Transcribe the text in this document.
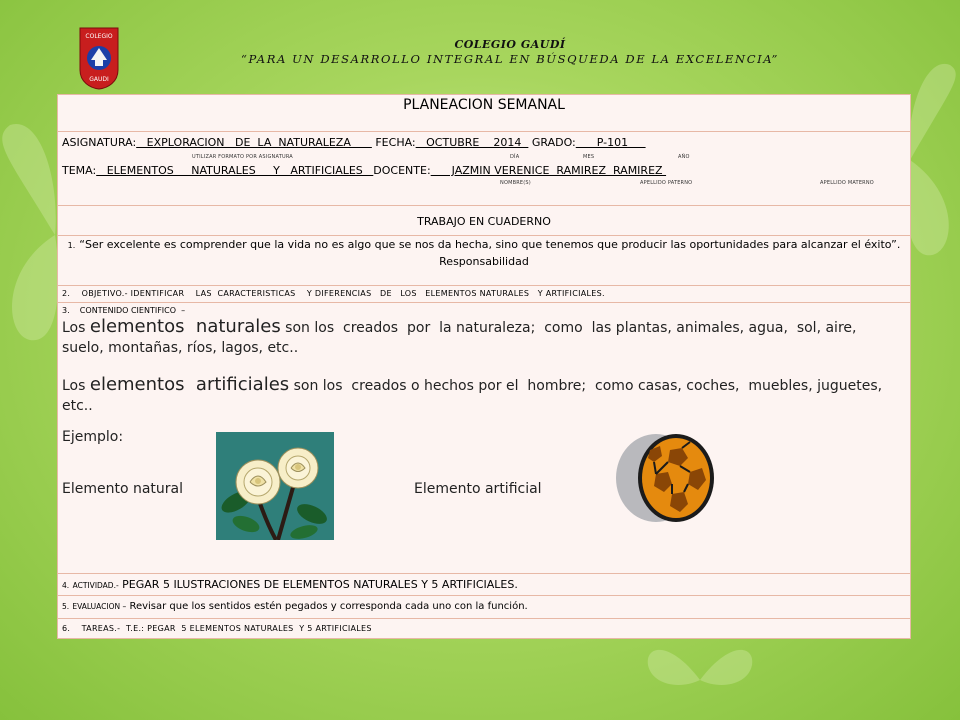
COLEGIO
GAUDI
COLEGIO GAUDÍ
“PARA UN DESARROLLO INTEGRAL EN BÚSQUEDA DE LA EXCELENCIA”
PLANEACION SEMANAL
ASIGNATURA:   EXPLORACION   DE  LA  NATURALEZA       FECHA:   OCTUBRE    2014   GRADO:      P-101
UTILIZAR FORMATO POR ASIGNATURA	DÍA	MES	AÑO
TEMA:   ELEMENTOS     NATURALES     Y   ARTIFICIALES   DOCENTE:      JAZMIN VERENICE  RAMIREZ  RAMIREZ
NOMBRE(S)	APELLIDO PATERNO	APELLIDO MATERNO
TRABAJO EN CUADERNO
1. “Ser excelente es comprender que la vida no es algo que se nos da hecha, sino que tenemos que producir las oportunidades para alcanzar el éxito”.
Responsabilidad
2.    OBJETIVO.- IDENTIFICAR    LAS  CARACTERISTICAS    Y DIFERENCIAS   DE   LOS   ELEMENTOS NATURALES   Y ARTIFICIALES.
3.    CONTENIDO CIENTIFICO  –
Los elementos  naturales son los  creados  por  la naturaleza;  como  las plantas, animales, agua,  sol, aire, suelo, montañas, ríos, lagos, etc..
Los elementos  artificiales son los  creados o hechos por el  hombre;  como casas, coches,  muebles, juguetes, etc..
Ejemplo:
Elemento natural	Elemento artificial
4. ACTIVIDAD.- PEGAR 5 ILUSTRACIONES DE ELEMENTOS NATURALES Y 5 ARTIFICIALES.
5. EVALUACION – Revisar que los sentidos estén pegados y corresponda cada uno con la función.
6.    TAREAS.-  T.E.: PEGAR  5 ELEMENTOS NATURALES  Y 5 ARTIFICIALES
